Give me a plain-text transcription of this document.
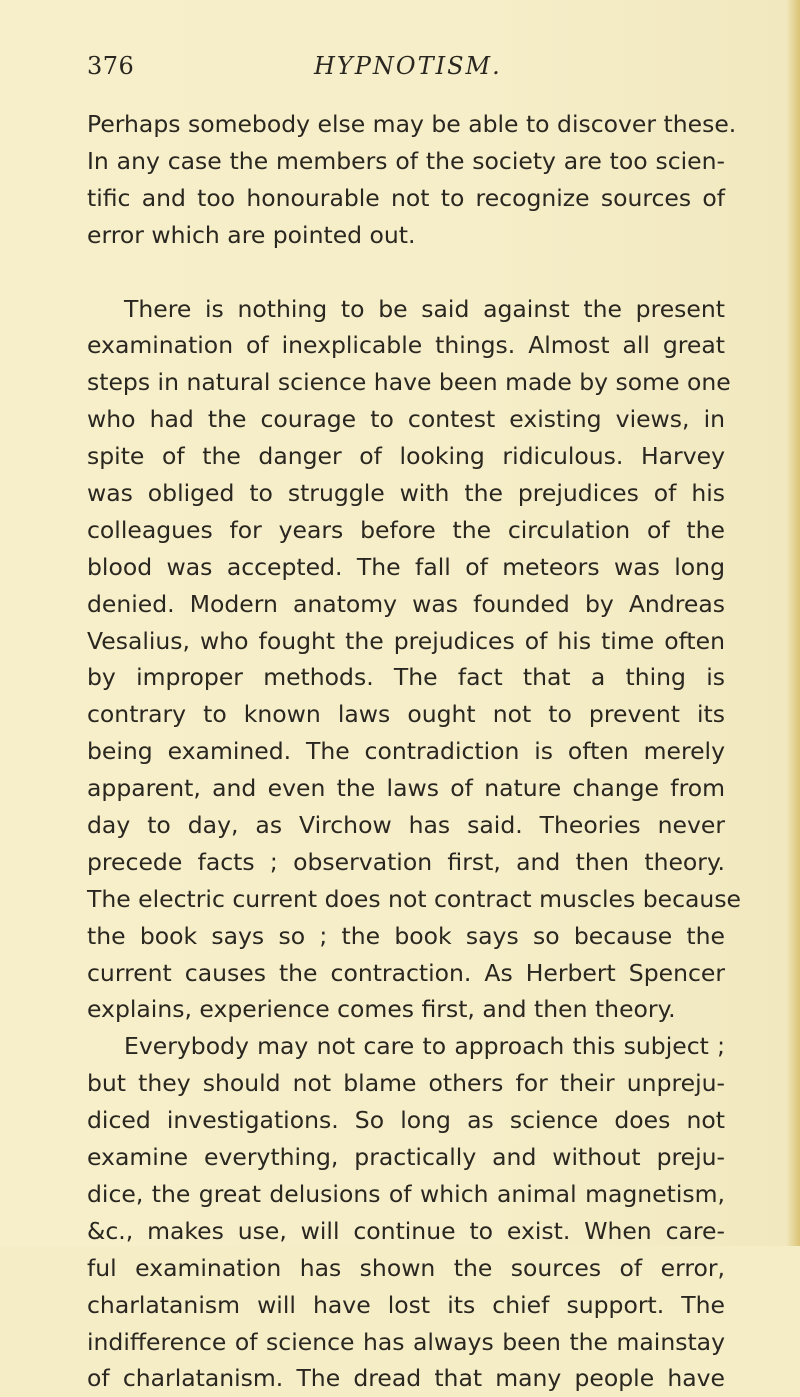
376	HYPNOTISM.
Perhaps somebody else may be able to discover these.
In any case the members of the society are too scien-
tific and too honourable not to recognize sources of
error which are pointed out.
There is nothing to be said against the present
examination of inexplicable things. Almost all great
steps in natural science have been made by some one
who had the courage to contest existing views, in
spite of the danger of looking ridiculous. Harvey
was obliged to struggle with the prejudices of his
colleagues for years before the circulation of the
blood was accepted. The fall of meteors was long
denied. Modern anatomy was founded by Andreas
Vesalius, who fought the prejudices of his time often
by improper methods. The fact that a thing is
contrary to known laws ought not to prevent its
being examined. The contradiction is often merely
apparent, and even the laws of nature change from
day to day, as Virchow has said. Theories never
precede facts ; observation first, and then theory.
The electric current does not contract muscles because
the book says so ; the book says so because the
current causes the contraction. As Herbert Spencer
explains, experience comes first, and then theory.
Everybody may not care to approach this subject ;
but they should not blame others for their unpreju-
diced investigations. So long as science does not
examine everything, practically and without preju-
dice, the great delusions of which animal magnetism,
&c., makes use, will continue to exist. When care-
ful examination has shown the sources of error,
charlatanism will have lost its chief support. The
indifference of science has always been the mainstay
of charlatanism. The dread that many people have
